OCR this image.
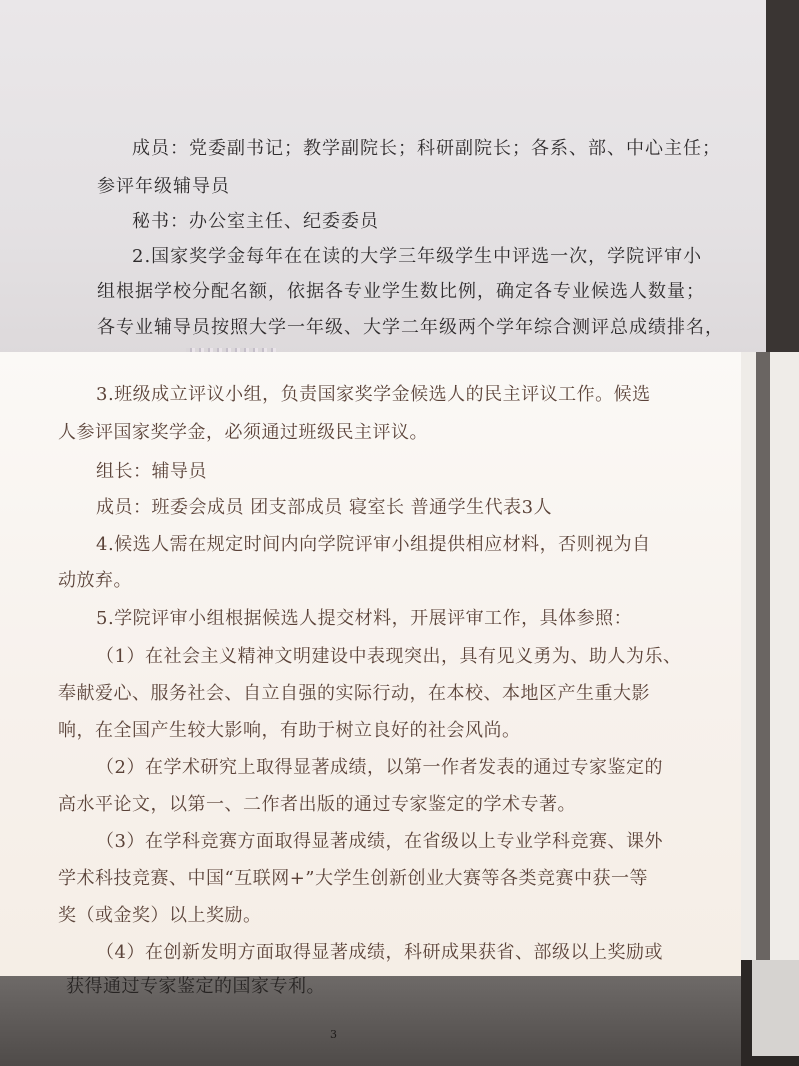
成员：党委副书记；教学副院长；科研副院长；各系、部、中心主任；
参评年级辅导员
秘书：办公室主任、纪委委员
2.国家奖学金每年在在读的大学三年级学生中评选一次，学院评审小
组根据学校分配名额，依据各专业学生数比例，确定各专业候选人数量；
各专业辅导员按照大学一年级、大学二年级两个学年综合测评总成绩排名，
3.班级成立评议小组，负责国家奖学金候选人的民主评议工作。候选
人参评国家奖学金，必须通过班级民主评议。
组长：辅导员
成员：班委会成员 团支部成员 寝室长 普通学生代表3人
4.候选人需在规定时间内向学院评审小组提供相应材料，否则视为自
动放弃。
5.学院评审小组根据候选人提交材料，开展评审工作，具体参照：
（1）在社会主义精神文明建设中表现突出，具有见义勇为、助人为乐、
奉献爱心、服务社会、自立自强的实际行动，在本校、本地区产生重大影
响，在全国产生较大影响，有助于树立良好的社会风尚。
（2）在学术研究上取得显著成绩，以第一作者发表的通过专家鉴定的
高水平论文，以第一、二作者出版的通过专家鉴定的学术专著。
（3）在学科竞赛方面取得显著成绩，在省级以上专业学科竞赛、课外
学术科技竞赛、中国“互联网+”大学生创新创业大赛等各类竞赛中获一等
奖（或金奖）以上奖励。
（4）在创新发明方面取得显著成绩，科研成果获省、部级以上奖励或
获得通过专家鉴定的国家专利。
3
